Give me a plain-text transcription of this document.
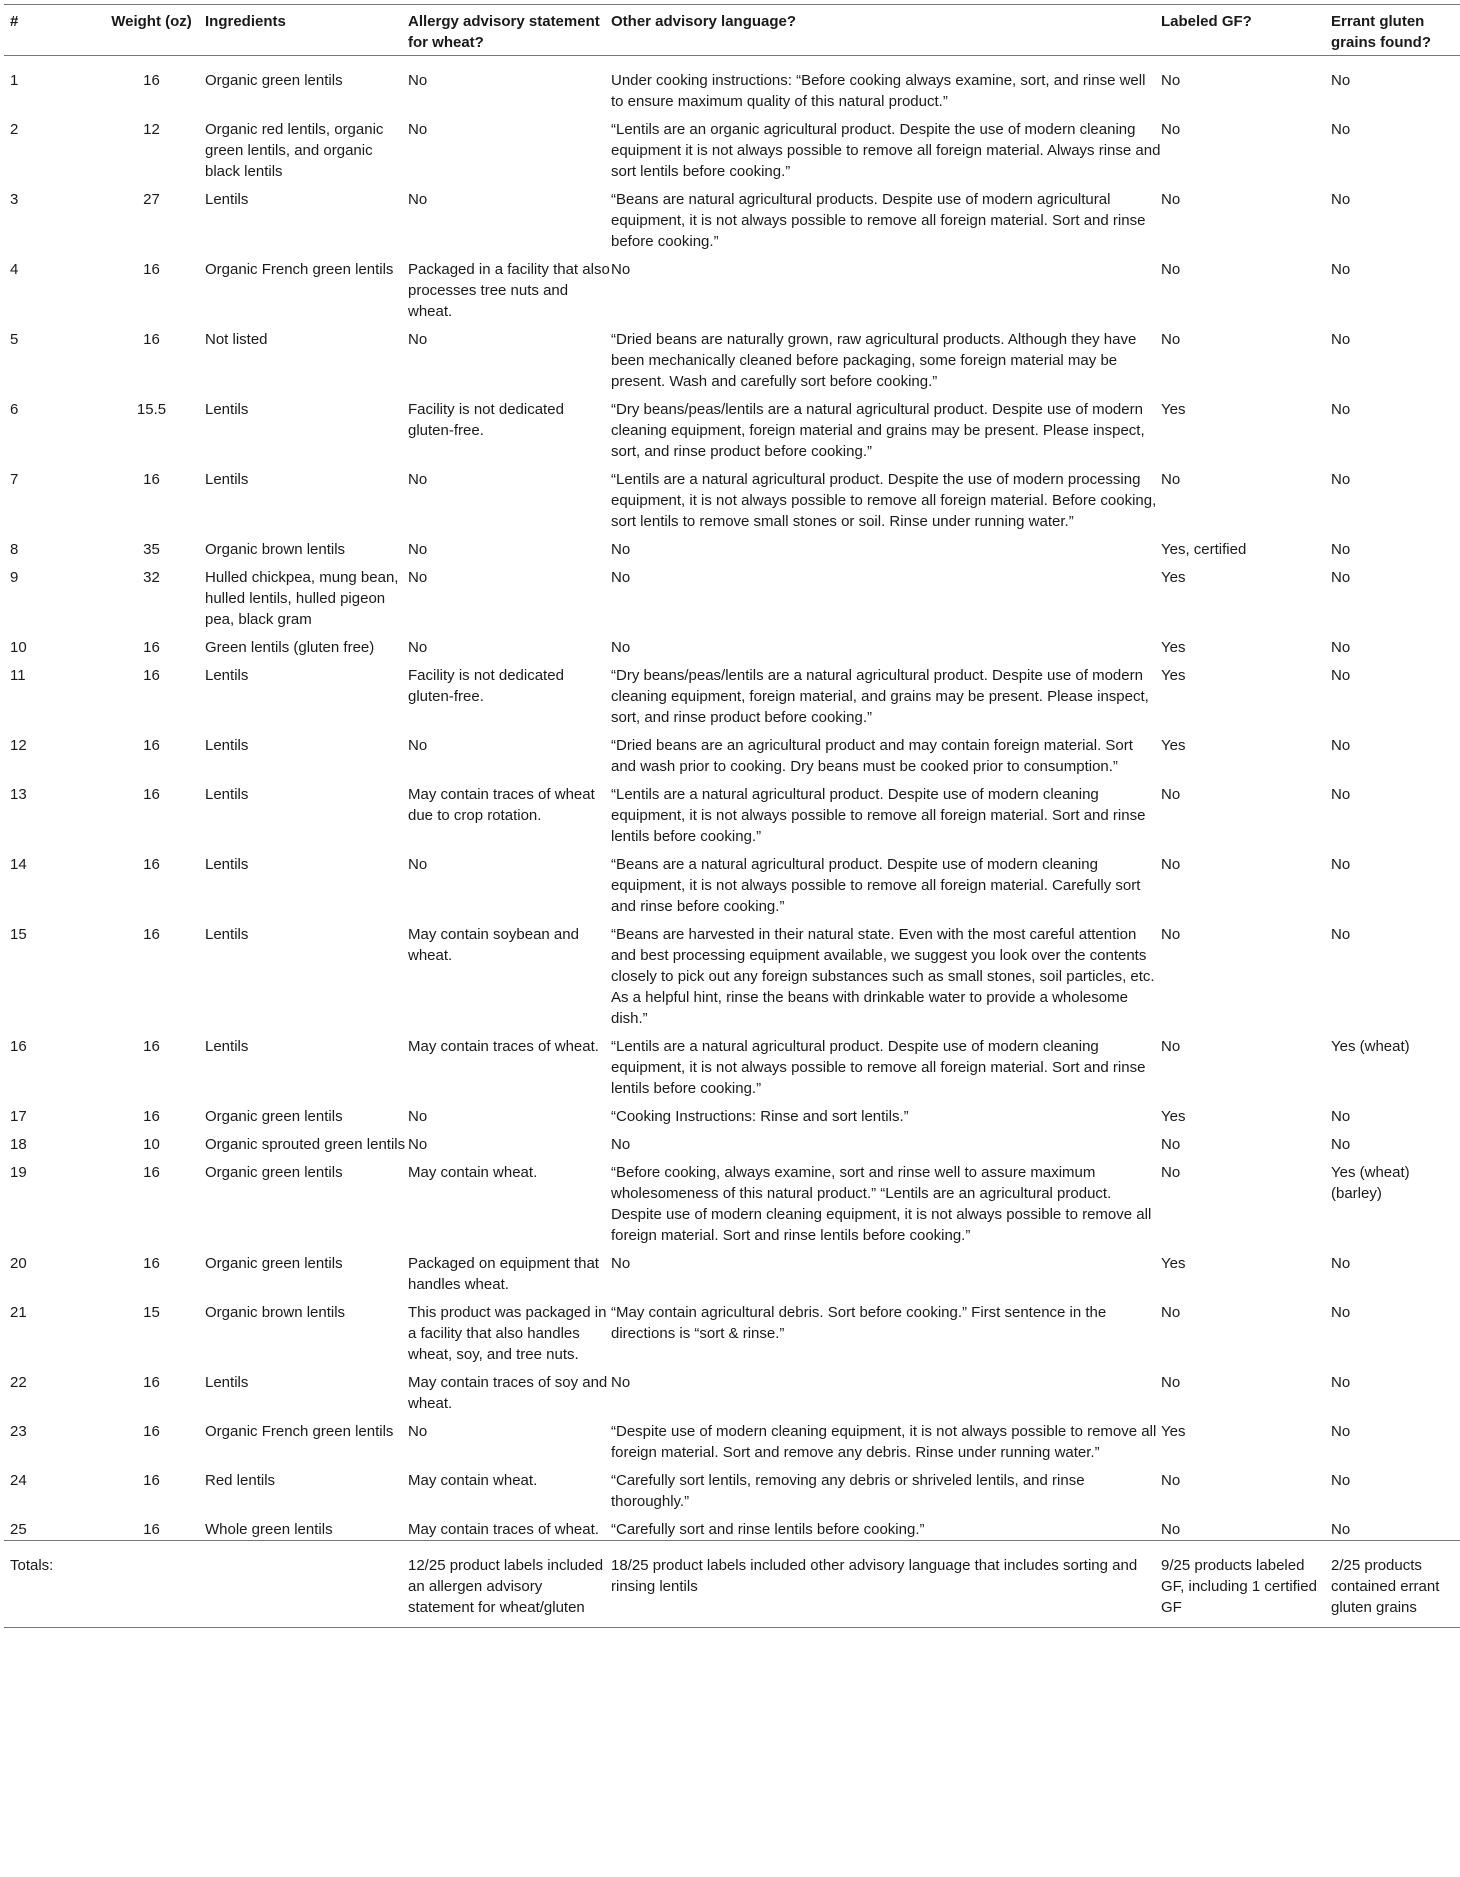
#	Weight (oz)	Ingredients	Allergy advisory statement for wheat?	Other advisory language?	Labeled GF?	Errant gluten grains found?
1	16	Organic green lentils	No	Under cooking instructions: “Before cooking always examine, sort, and rinse well to ensure maximum quality of this natural product.”	No	No
2	12	Organic red lentils, organic green lentils, and organic black lentils	No	“Lentils are an organic agricultural product. Despite the use of modern cleaning equipment it is not always possible to remove all foreign material. Always rinse and sort lentils before cooking.”	No	No
3	27	Lentils	No	“Beans are natural agricultural products. Despite use of modern agricultural equipment, it is not always possible to remove all foreign material. Sort and rinse before cooking.”	No	No
4	16	Organic French green lentils	Packaged in a facility that also processes tree nuts and wheat.	No	No	No
5	16	Not listed	No	“Dried beans are naturally grown, raw agricultural products. Although they have been mechanically cleaned before packaging, some foreign material may be present. Wash and carefully sort before cooking.”	No	No
6	15.5	Lentils	Facility is not dedicated gluten-free.	“Dry beans/peas/lentils are a natural agricultural product. Despite use of modern cleaning equipment, foreign material and grains may be present. Please inspect, sort, and rinse product before cooking.”	Yes	No
7	16	Lentils	No	“Lentils are a natural agricultural product. Despite the use of modern processing equipment, it is not always possible to remove all foreign material. Before cooking, sort lentils to remove small stones or soil. Rinse under running water.”	No	No
8	35	Organic brown lentils	No	No	Yes, certified	No
9	32	Hulled chickpea, mung bean, hulled lentils, hulled pigeon pea, black gram	No	No	Yes	No
10	16	Green lentils (gluten free)	No	No	Yes	No
11	16	Lentils	Facility is not dedicated gluten-free.	“Dry beans/peas/lentils are a natural agricultural product. Despite use of modern cleaning equipment, foreign material, and grains may be present. Please inspect, sort, and rinse product before cooking.”	Yes	No
12	16	Lentils	No	“Dried beans are an agricultural product and may contain foreign material. Sort and wash prior to cooking. Dry beans must be cooked prior to consumption.”	Yes	No
13	16	Lentils	May contain traces of wheat due to crop rotation.	“Lentils are a natural agricultural product. Despite use of modern cleaning equipment, it is not always possible to remove all foreign material. Sort and rinse lentils before cooking.”	No	No
14	16	Lentils	No	“Beans are a natural agricultural product. Despite use of modern cleaning equipment, it is not always possible to remove all foreign material. Carefully sort and rinse before cooking.”	No	No
15	16	Lentils	May contain soybean and wheat.	“Beans are harvested in their natural state. Even with the most careful attention and best processing equipment available, we suggest you look over the contents closely to pick out any foreign substances such as small stones, soil particles, etc. As a helpful hint, rinse the beans with drinkable water to provide a wholesome dish.”	No	No
16	16	Lentils	May contain traces of wheat.	“Lentils are a natural agricultural product. Despite use of modern cleaning equipment, it is not always possible to remove all foreign material. Sort and rinse lentils before cooking.”	No	Yes (wheat)
17	16	Organic green lentils	No	“Cooking Instructions: Rinse and sort lentils.”	Yes	No
18	10	Organic sprouted green lentils	No	No	No	No
19	16	Organic green lentils	May contain wheat.	“Before cooking, always examine, sort and rinse well to assure maximum wholesomeness of this natural product.” “Lentils are an agricultural product. Despite use of modern cleaning equipment, it is not always possible to remove all foreign material. Sort and rinse lentils before cooking.”	No	Yes (wheat) (barley)
20	16	Organic green lentils	Packaged on equipment that handles wheat.	No	Yes	No
21	15	Organic brown lentils	This product was packaged in a facility that also handles wheat, soy, and tree nuts.	“May contain agricultural debris. Sort before cooking.” First sentence in the directions is “sort & rinse.”	No	No
22	16	Lentils	May contain traces of soy and wheat.	No	No	No
23	16	Organic French green lentils	No	“Despite use of modern cleaning equipment, it is not always possible to remove all foreign material. Sort and remove any debris. Rinse under running water.”	Yes	No
24	16	Red lentils	May contain wheat.	“Carefully sort lentils, removing any debris or shriveled lentils, and rinse thoroughly.”	No	No
25	16	Whole green lentils	May contain traces of wheat.	“Carefully sort and rinse lentils before cooking.”	No	No
Totals:			12/25 product labels included an allergen advisory statement for wheat/gluten	18/25 product labels included other advisory language that includes sorting and rinsing lentils	9/25 products labeled GF, including 1 certified GF	2/25 products contained errant gluten grains
